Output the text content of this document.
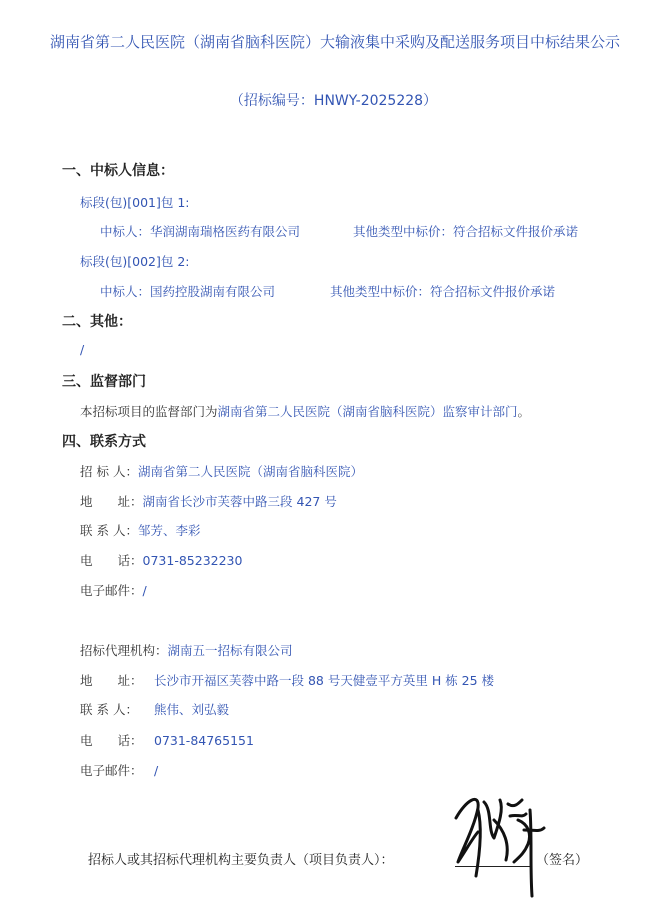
湖南省第二人民医院（湖南省脑科医院）大输液集中采购及配送服务项目中标结果公示
（招标编号：HNWY-2025228）
一、中标人信息：
标段(包)[001]包 1:
中标人：华润湖南瑞格医药有限公司	其他类型中标价：符合招标文件报价承诺
标段(包)[002]包 2:
中标人：国药控股湖南有限公司	其他类型中标价：符合招标文件报价承诺
二、其他：
/
三、监督部门
本招标项目的监督部门为湖南省第二人民医院（湖南省脑科医院）监察审计部门。
四、联系方式
招 标 人：湖南省第二人民医院（湖南省脑科医院）
地　　址：湖南省长沙市芙蓉中路三段 427 号
联 系 人：邹芳、李彩
电　　话：0731-85232230
电子邮件：/
招标代理机构：湖南五一招标有限公司
地　　址： 长沙市开福区芙蓉中路一段 88 号天健壹平方英里 H 栋 25 楼
联 系 人： 熊伟、刘弘毅
电　　话： 0731-84765151
电子邮件： /
招标人或其招标代理机构主要负责人（项目负责人）：	（签名）
